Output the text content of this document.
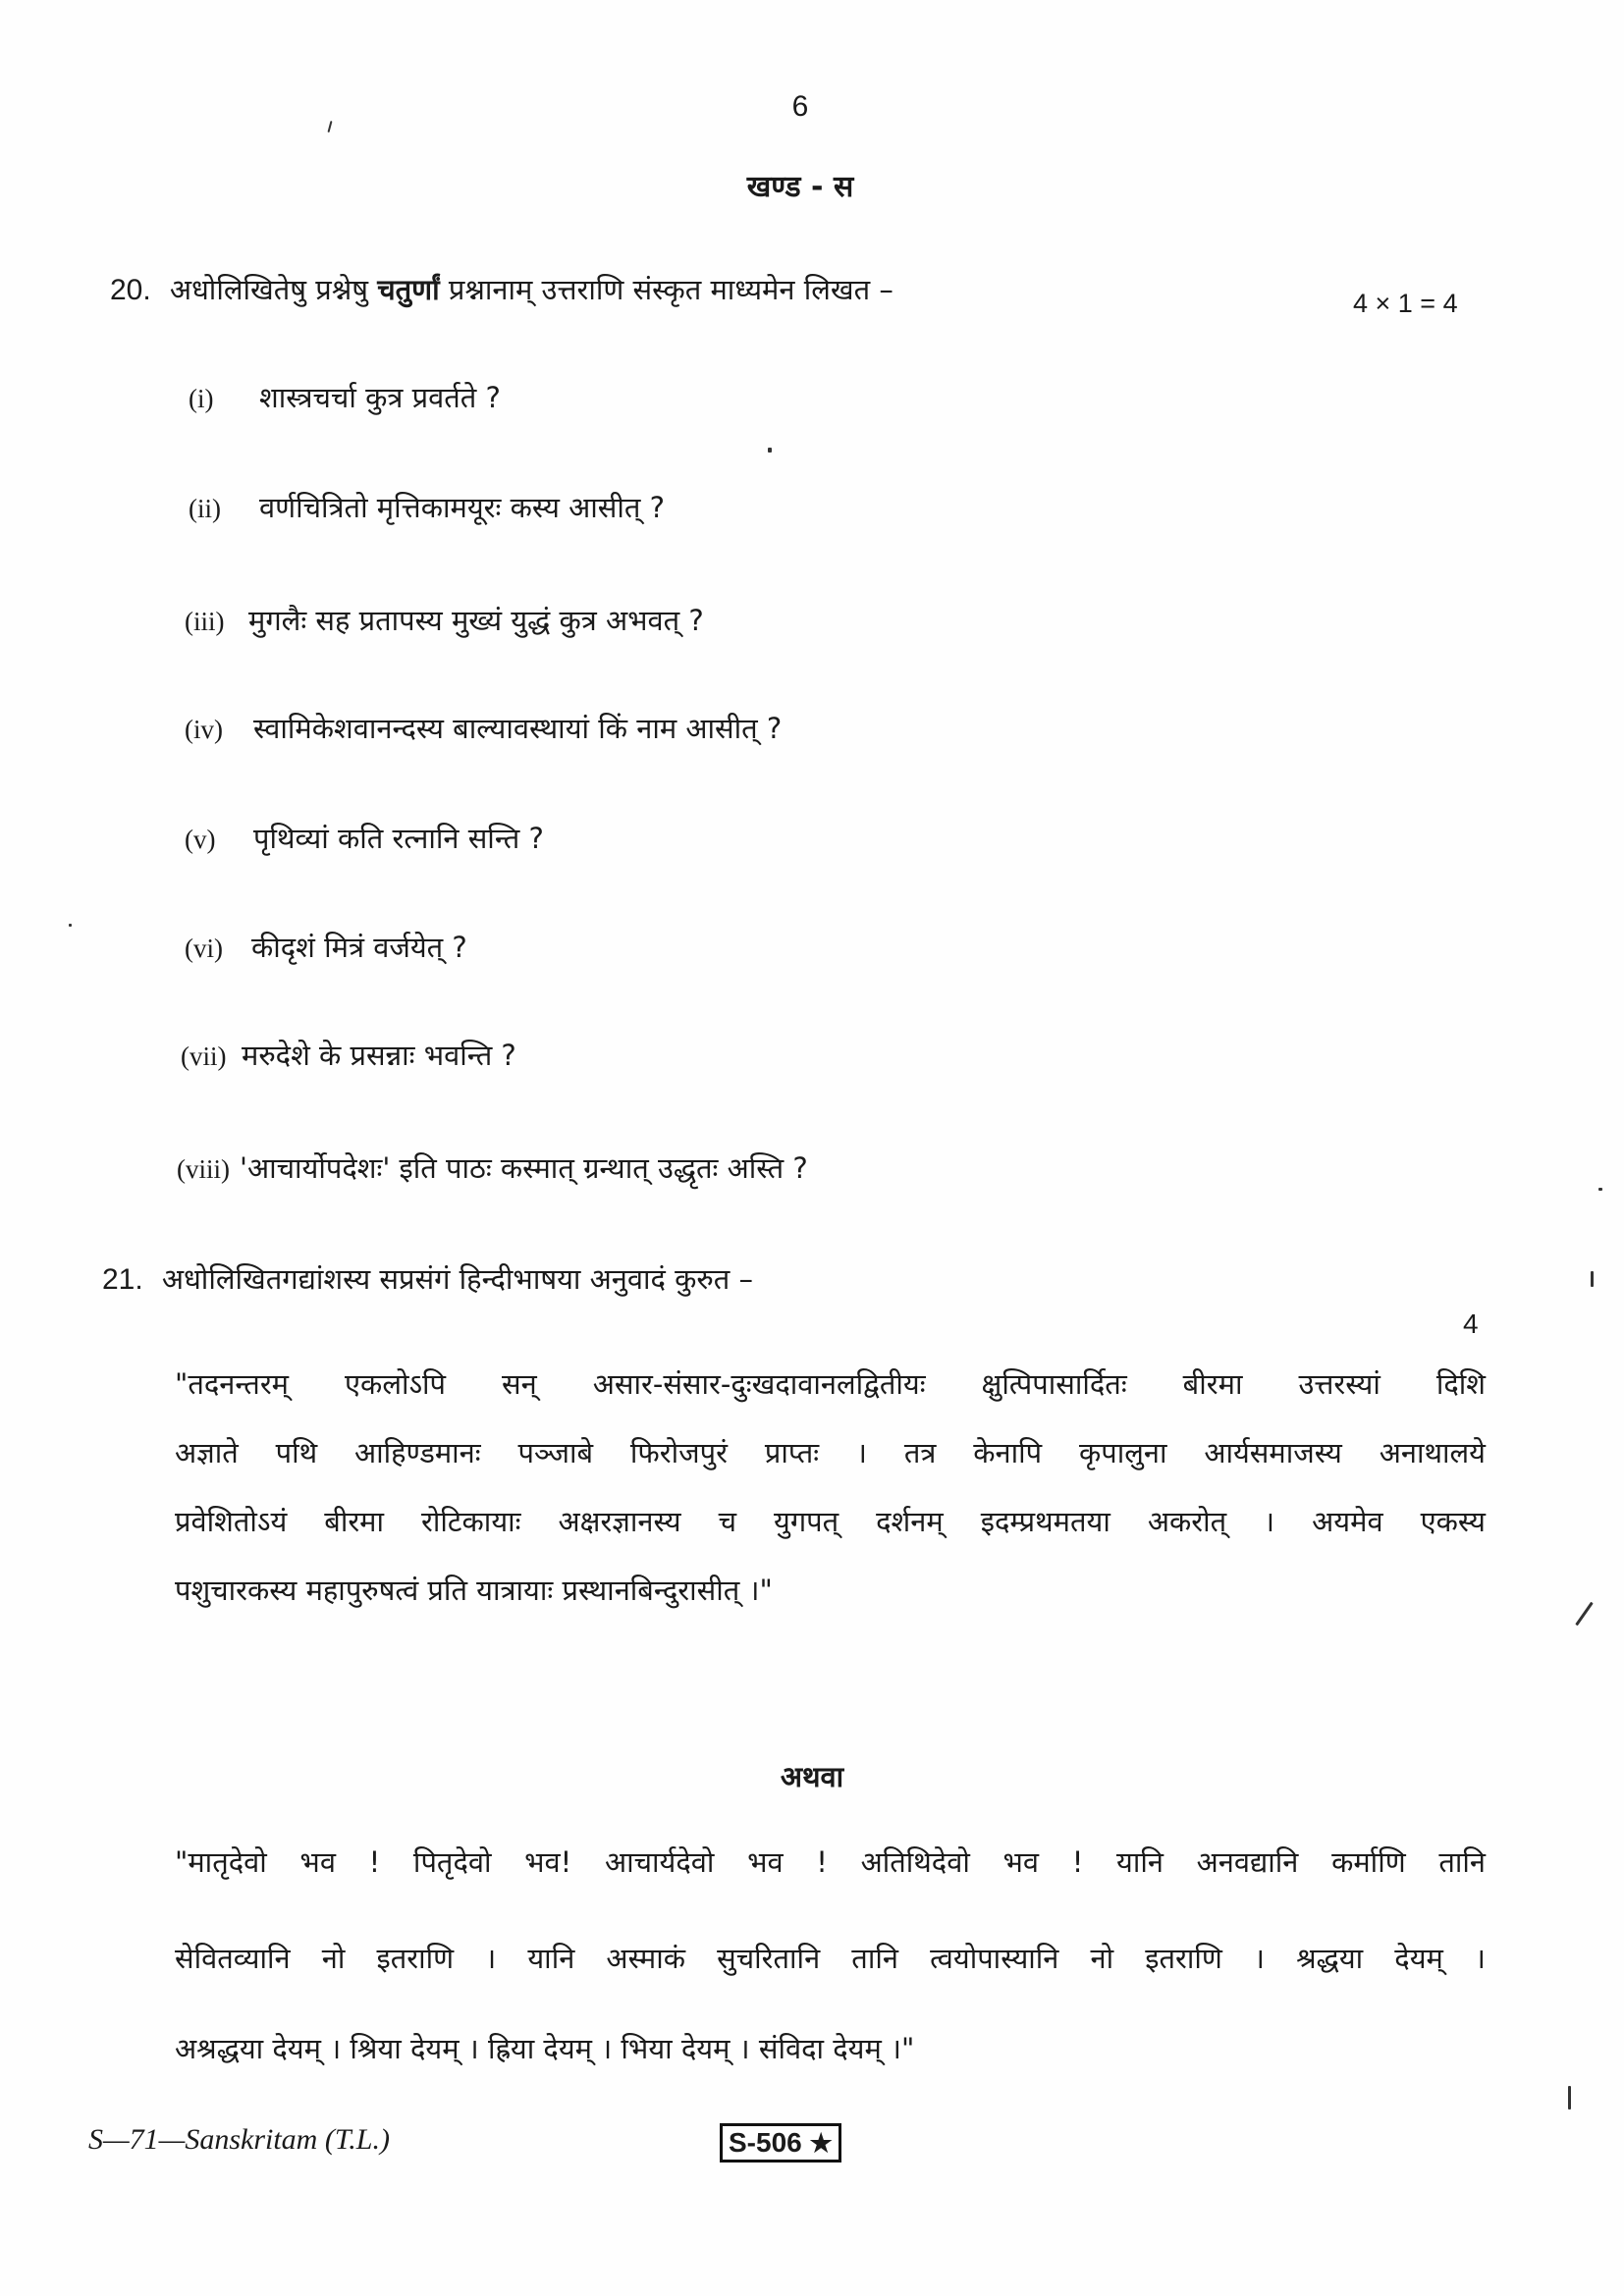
6
खण्ड - स
20. अधोलिखितेषु प्रश्नेषु चतुर्णां प्रश्नानाम् उत्तराणि संस्कृत माध्यमेन लिखत –	4 × 1 = 4
(i) शास्त्रचर्चा कुत्र प्रवर्तते ?
(ii) वर्णचित्रितो मृत्तिकामयूरः कस्य आसीत् ?
(iii) मुगलैः सह प्रतापस्य मुख्यं युद्धं कुत्र अभवत् ?
(iv) स्वामिकेशवानन्दस्य बाल्यावस्थायां किं नाम आसीत् ?
(v) पृथिव्यां कति रत्नानि सन्ति ?
(vi) कीदृशं मित्रं वर्जयेत् ?
(vii) मरुदेशे के प्रसन्नाः भवन्ति ?
(viii) 'आचार्योपदेशः' इति पाठः कस्मात् ग्रन्थात् उद्धृतः अस्ति ?
21. अधोलिखितगद्यांशस्य सप्रसंगं हिन्दीभाषया अनुवादं कुरुत –
4
"तदनन्तरम् एकलोऽपि सन् असार-संसार-दुःखदावानलद्वितीयः क्षुत्पिपासार्दितः बीरमा उत्तरस्यां दिशि
अज्ञाते पथि आहिण्डमानः पञ्जाबे फिरोजपुरं प्राप्तः । तत्र केनापि कृपालुना आर्यसमाजस्य अनाथालये
प्रवेशितोऽयं बीरमा रोटिकायाः अक्षरज्ञानस्य च युगपत् दर्शनम् इदम्प्रथमतया अकरोत् । अयमेव एकस्य
पशुचारकस्य महापुरुषत्वं प्रति यात्रायाः प्रस्थानबिन्दुरासीत् ।"
अथवा
"मातृदेवो भव ! पितृदेवो भव! आचार्यदेवो भव ! अतिथिदेवो भव ! यानि अनवद्यानि कर्माणि तानि
सेवितव्यानि नो इतराणि । यानि अस्माकं सुचरितानि तानि त्वयोपास्यानि नो इतराणि । श्रद्धया देयम् ।
अश्रद्धया देयम् । श्रिया देयम् । ह्रिया देयम् । भिया देयम् । संविदा देयम् ।"
S—71—Sanskritam (T.L.)	S-506 ★
